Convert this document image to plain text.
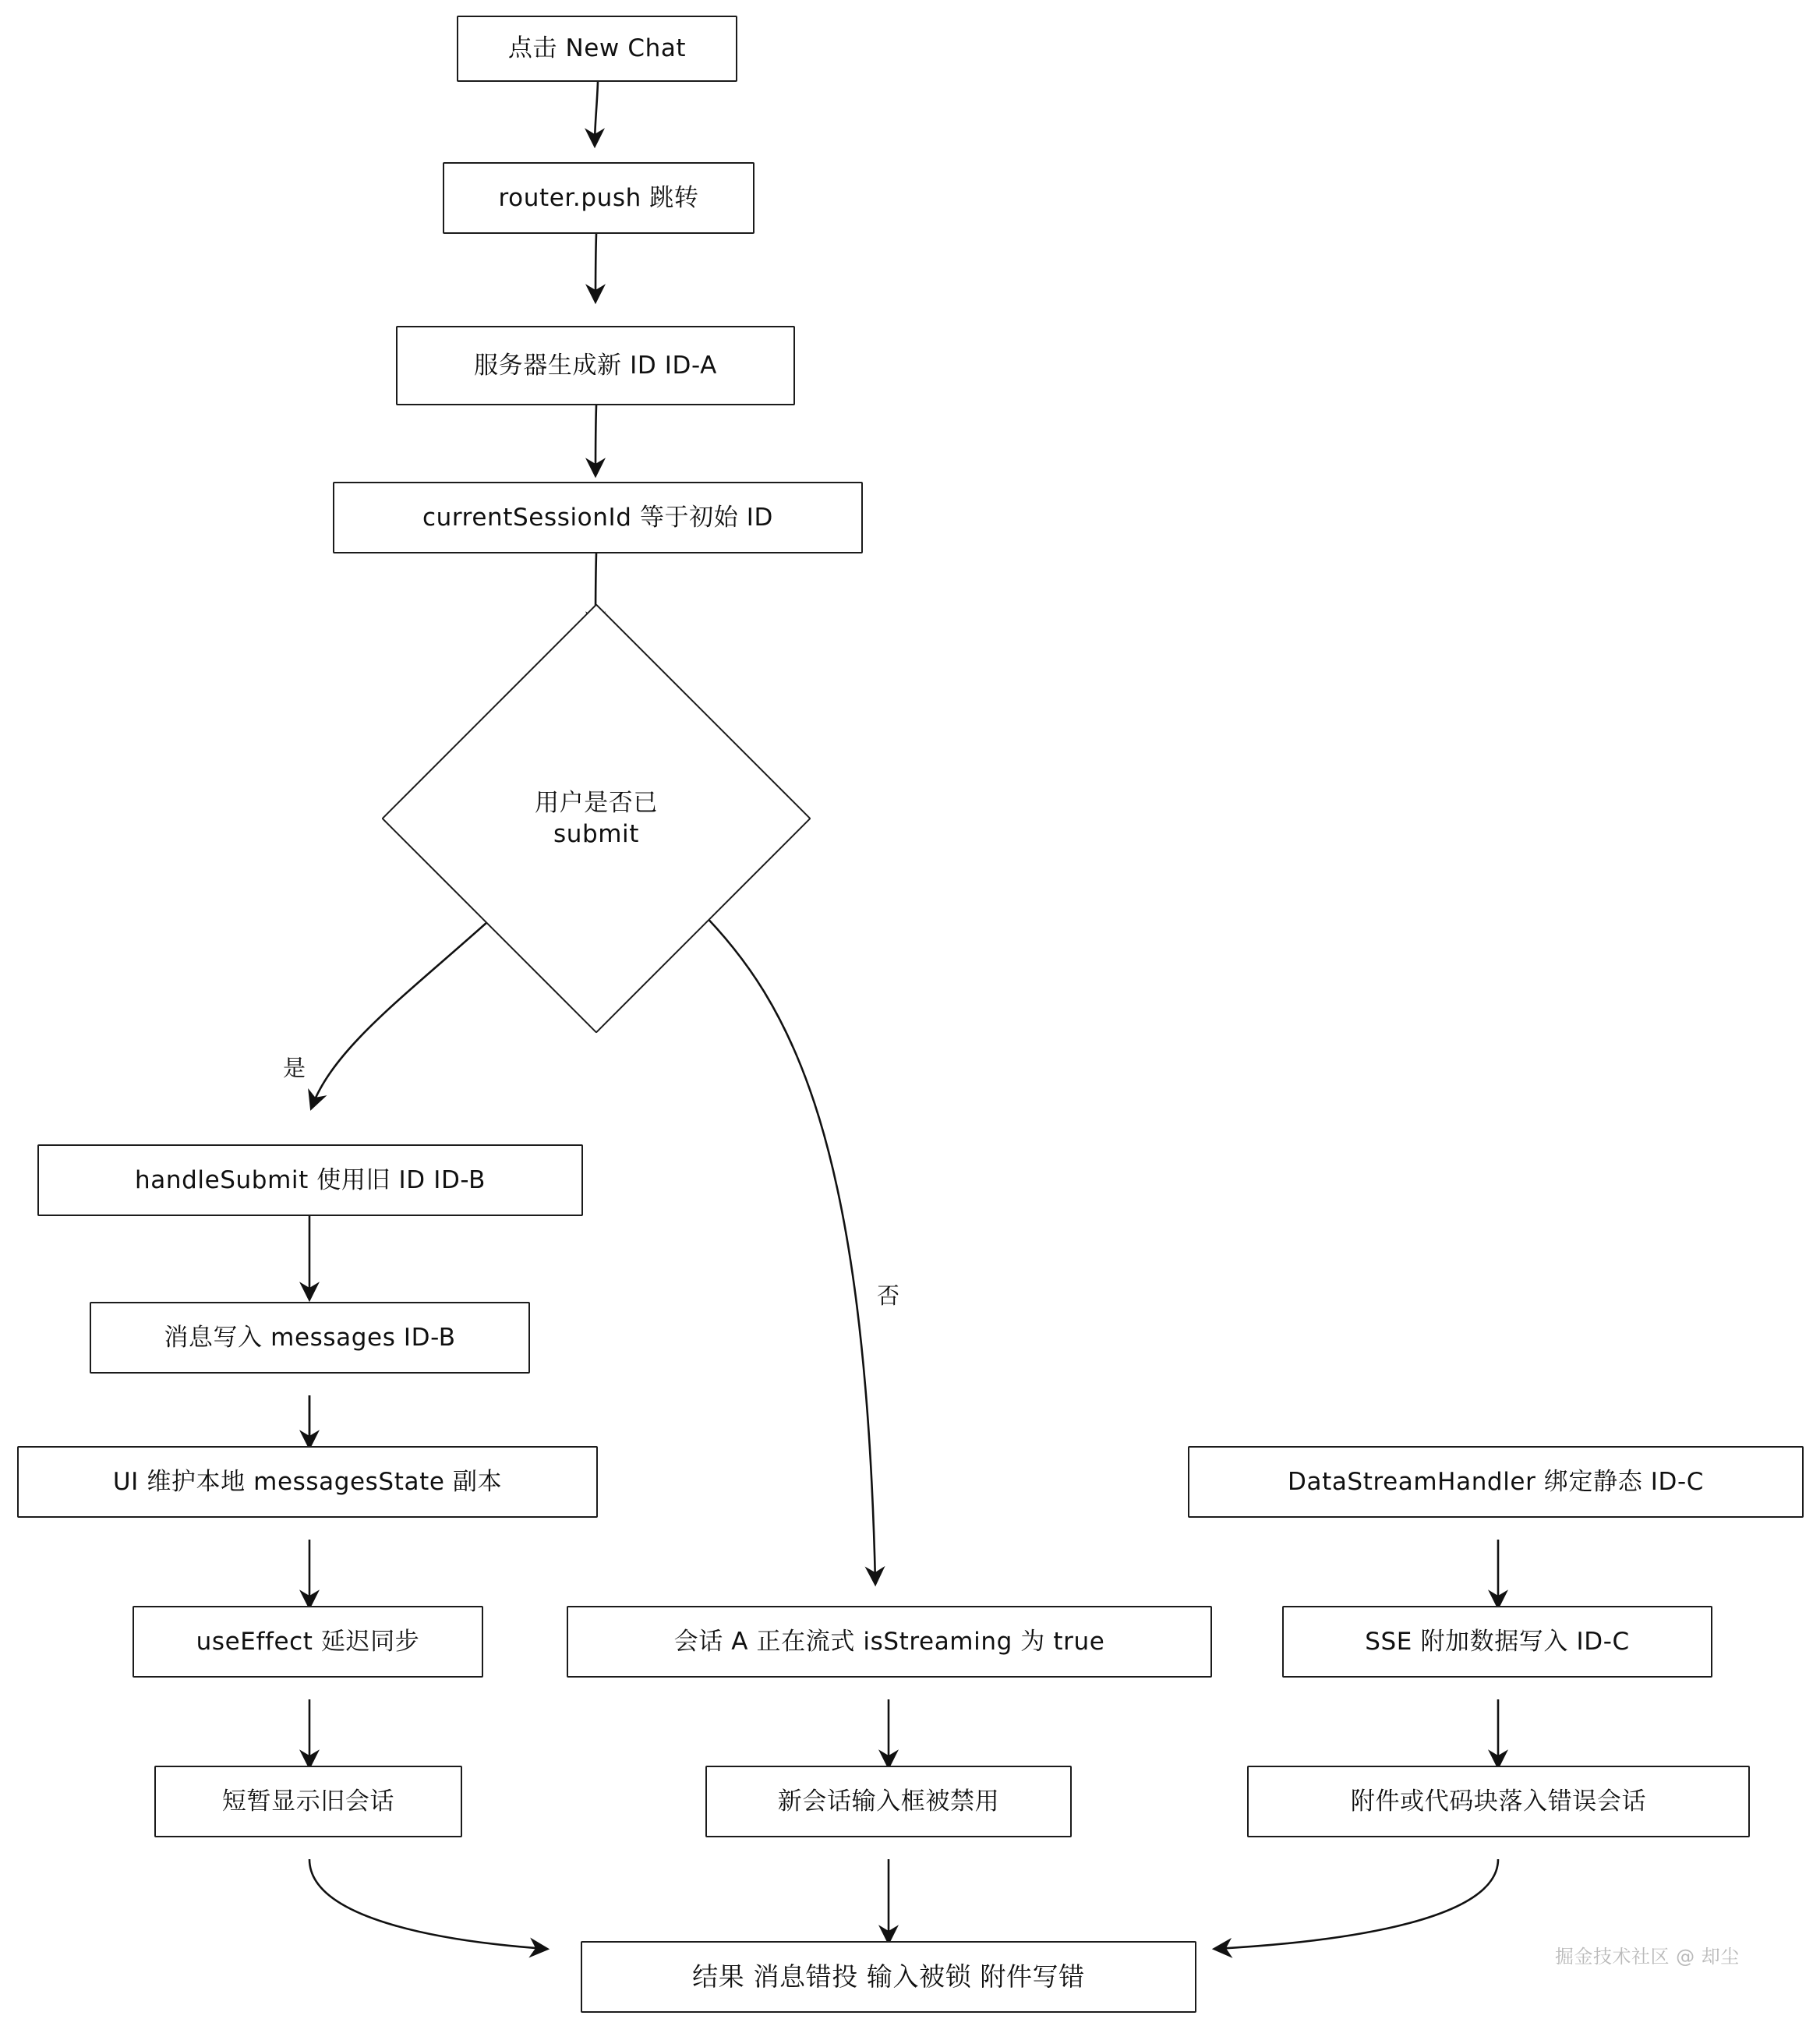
点击 New Chat
router.push 跳转
服务器生成新 ID ID-A
currentSessionId 等于初始 ID
用户是否已
submit
是
否
handleSubmit 使用旧 ID ID-B
消息写入 messages ID-B
UI 维护本地 messagesState 副本
useEffect 延迟同步
短暂显示旧会话
会话 A 正在流式 isStreaming 为 true
新会话输入框被禁用
DataStreamHandler 绑定静态 ID-C
SSE 附加数据写入 ID-C
附件或代码块落入错误会话
结果 消息错投 输入被锁 附件写错
掘金技术社区 @ 却尘
